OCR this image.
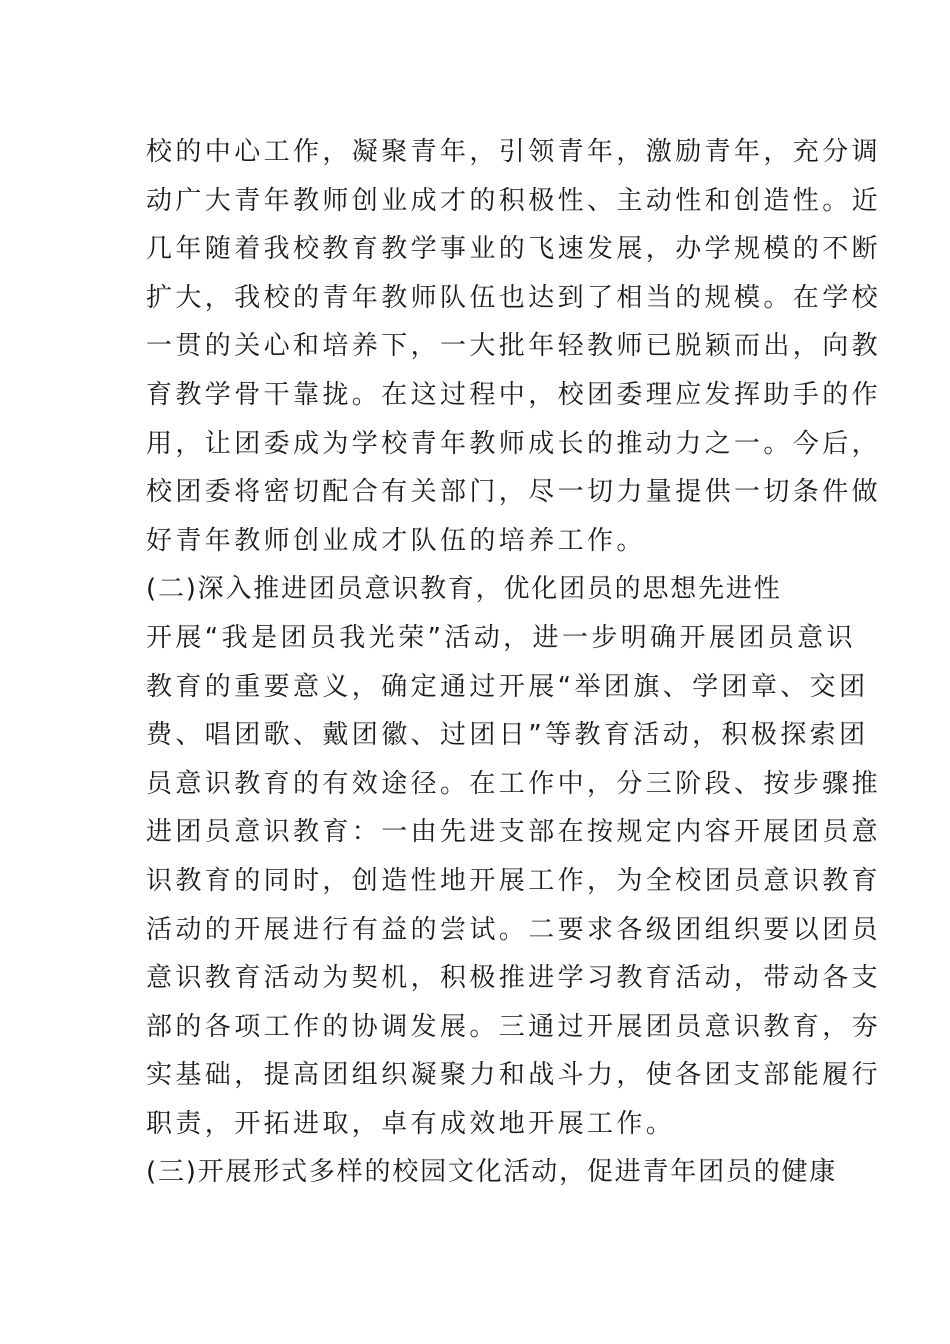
校的中心工作，凝聚青年，引领青年，激励青年，充分调
动广大青年教师创业成才的积极性、主动性和创造性。近
几年随着我校教育教学事业的飞速发展，办学规模的不断
扩大，我校的青年教师队伍也达到了相当的规模。在学校
一贯的关心和培养下，一大批年轻教师已脱颖而出，向教
育教学骨干靠拢。在这过程中，校团委理应发挥助手的作
用，让团委成为学校青年教师成长的推动力之一。今后，
校团委将密切配合有关部门，尽一切力量提供一切条件做
好青年教师创业成才队伍的培养工作。
(二)深入推进团员意识教育，优化团员的思想先进性
开展“我是团员我光荣”活动，进一步明确开展团员意识
教育的重要意义，确定通过开展“举团旗、学团章、交团
费、唱团歌、戴团徽、过团日”等教育活动，积极探索团
员意识教育的有效途径。在工作中，分三阶段、按步骤推
进团员意识教育：一由先进支部在按规定内容开展团员意
识教育的同时，创造性地开展工作，为全校团员意识教育
活动的开展进行有益的尝试。二要求各级团组织要以团员
意识教育活动为契机，积极推进学习教育活动，带动各支
部的各项工作的协调发展。三通过开展团员意识教育，夯
实基础，提高团组织凝聚力和战斗力，使各团支部能履行
职责，开拓进取，卓有成效地开展工作。
(三)开展形式多样的校园文化活动，促进青年团员的健康
